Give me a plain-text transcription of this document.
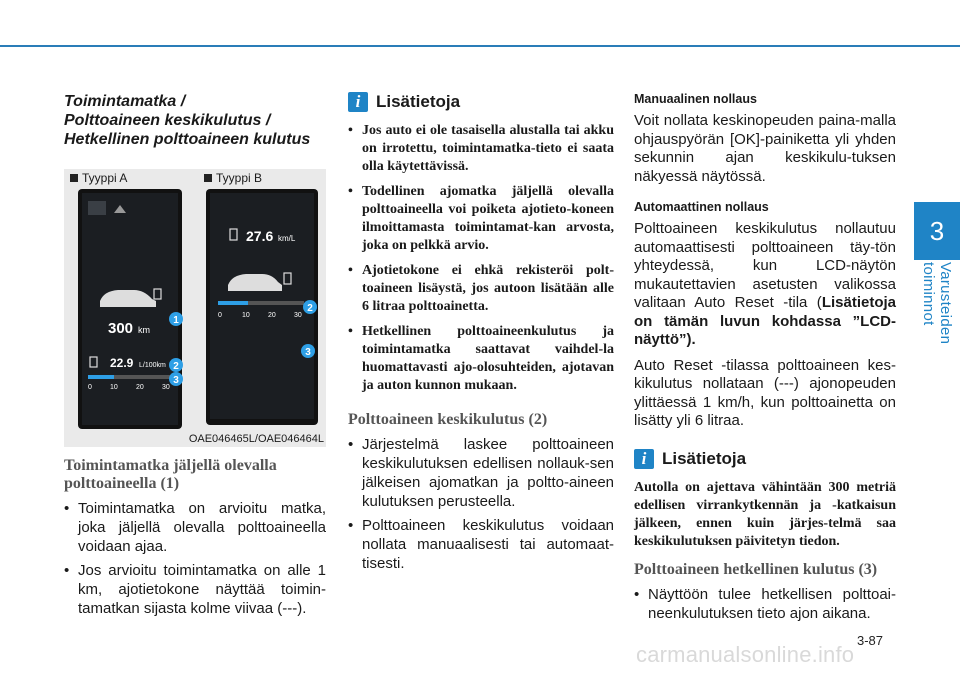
3
Varusteiden toiminnot
Toimintamatka /
Polttoaineen keskikulutus /
Hetkellinen polttoaineen kulutus
Tyyppi A	Tyyppi B
300 km
22.9 L/100km
0	10	20	30
1
2
3
27.6 km/L
0	10	20	30
2
3
OAE046465L/OAE046464L
Toimintamatka jäljellä olevalla polttoaineella (1)
• Toimintamatka on arvioitu matka, joka jäljellä olevalla polttoaineella voidaan ajaa.
• Jos arvioitu toimintamatka on alle 1 km, ajotietokone näyttää toimin-tamatkan sijasta kolme viivaa (---).
i Lisätietoja
• Jos auto ei ole tasaisella alustalla tai akku on irrotettu, toimintamatka-tieto ei saata olla käytettävissä.
• Todellinen ajomatka jäljellä olevalla polttoaineella voi poiketa ajotieto-koneen ilmoittamasta toimintamat-kan arvosta, joka on pelkkä arvio.
• Ajotietokone ei ehkä rekisteröi polt-toaineen lisäystä, jos autoon lisätään alle 6 litraa polttoainetta.
• Hetkellinen polttoaineenkulutus ja toimintamatka saattavat vaihdel-la huomattavasti ajo-olosuhteiden, ajotavan ja auton kunnon mukaan.
Polttoaineen keskikulutus (2)
• Järjestelmä laskee polttoaineen keskikulutuksen edellisen nollauk-sen jälkeisen ajomatkan ja poltto-aineen kulutuksen perusteella.
• Polttoaineen keskikulutus voidaan nollata manuaalisesti tai automaat-tisesti.
Manuaalinen nollaus
Voit nollata keskinopeuden paina-malla ohjauspyörän [OK]-painiketta yli yhden sekunnin ajan keskikulu-tuksen näkyessä näytössä.
Automaattinen nollaus
Polttoaineen keskikulutus nollautuu automaattisesti polttoaineen täy-tön yhteydessä, kun LCD-näytön mukautettavien asetusten valikossa valitaan Auto Reset -tila (Lisätietoja on tämän luvun kohdassa ”LCD-näyttö”).
Auto Reset -tilassa polttoaineen kes-kikulutus nollataan (---) ajonopeuden ylittäessä 1 km/h, kun polttoainetta on lisätty yli 6 litraa.
i Lisätietoja
Autolla on ajettava vähintään 300 metriä edellisen virrankytkennän ja -katkaisun jälkeen, ennen kuin järjes-telmä saa keskikulutuksen päivitetyn tiedon.
Polttoaineen hetkellinen kulutus (3)
• Näyttöön tulee hetkellisen polttoai-neenkulutuksen tieto ajon aikana.
3-87
carmanualsonline.info
